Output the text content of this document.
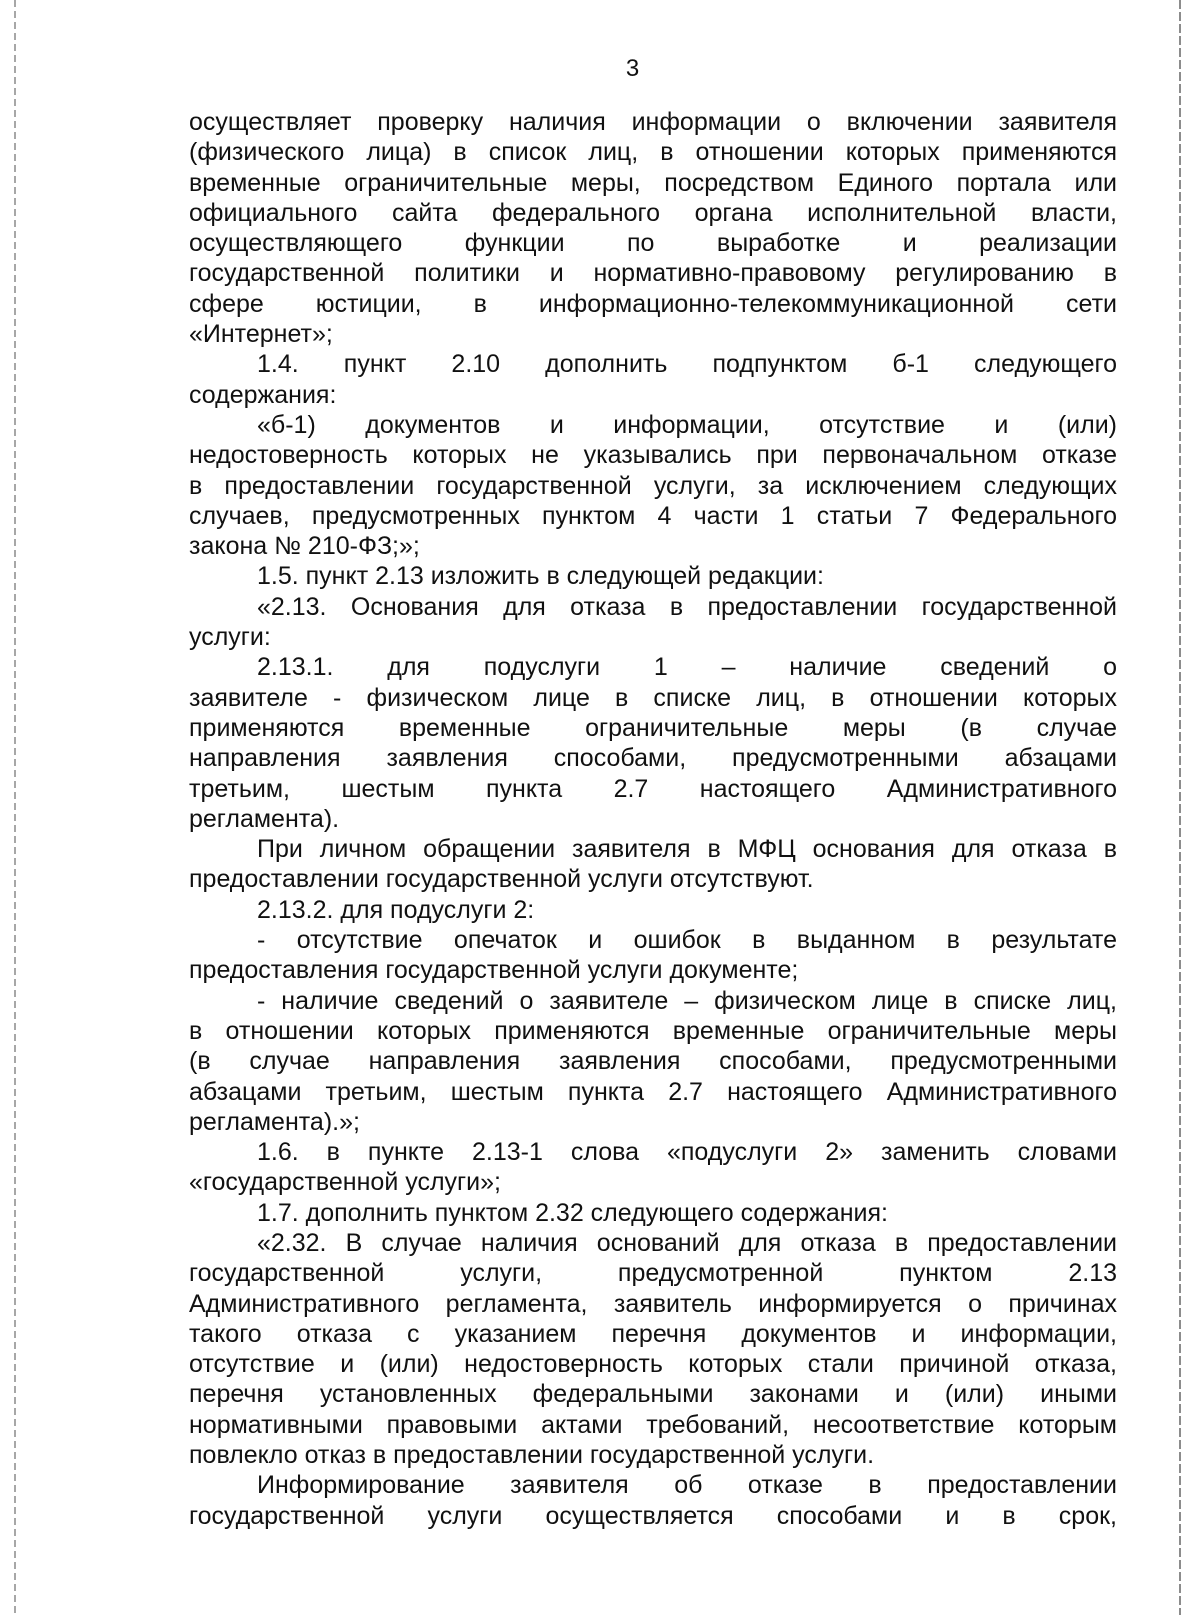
3

осуществляет проверку наличия информации о включении заявителя

(физического лица) в список лиц, в отношении которых применяются

временные ограничительные меры, посредством Единого портала или

официального сайта федерального органа исполнительной власти,

осуществляющего функции по выработке и реализации

государственной политики и нормативно-правовому регулированию в

сфере юстиции, в информационно-телекоммуникационной сети

«Интернет»;

1.4. пункт 2.10 дополнить подпунктом б-1 следующего

содержания:

«б-1) документов и информации, отсутствие и (или)

недостоверность которых не указывались при первоначальном отказе

в предоставлении государственной услуги, за исключением следующих

случаев, предусмотренных пунктом 4 части 1 статьи 7 Федерального

закона № 210-ФЗ;»;

1.5. пункт 2.13 изложить в следующей редакции:

«2.13. Основания для отказа в предоставлении государственной

услуги:

2.13.1. для подуслуги 1 – наличие сведений о

заявителе - физическом лице в списке лиц, в отношении которых

применяются временные ограничительные меры (в случае

направления заявления способами, предусмотренными абзацами

третьим, шестым пункта 2.7 настоящего Административного

регламента).

При личном обращении заявителя в МФЦ основания для отказа в

предоставлении государственной услуги отсутствуют.

2.13.2. для подуслуги 2:

- отсутствие опечаток и ошибок в выданном в результате

предоставления государственной услуги документе;

- наличие сведений о заявителе – физическом лице в списке лиц,

в отношении которых применяются временные ограничительные меры

(в случае направления заявления способами, предусмотренными

абзацами третьим, шестым пункта 2.7 настоящего Административного

регламента).»;

1.6. в пункте 2.13-1 слова «подуслуги 2» заменить словами

«государственной услуги»;

1.7. дополнить пунктом 2.32 следующего содержания:

«2.32. В случае наличия оснований для отказа в предоставлении

государственной услуги, предусмотренной пунктом 2.13

Административного регламента, заявитель информируется о причинах

такого отказа с указанием перечня документов и информации,

отсутствие и (или) недостоверность которых стали причиной отказа,

перечня установленных федеральными законами и (или) иными

нормативными правовыми актами требований, несоответствие которым

повлекло отказ в предоставлении государственной услуги.

Информирование заявителя об отказе в предоставлении

государственной услуги осуществляется способами и в срок,
